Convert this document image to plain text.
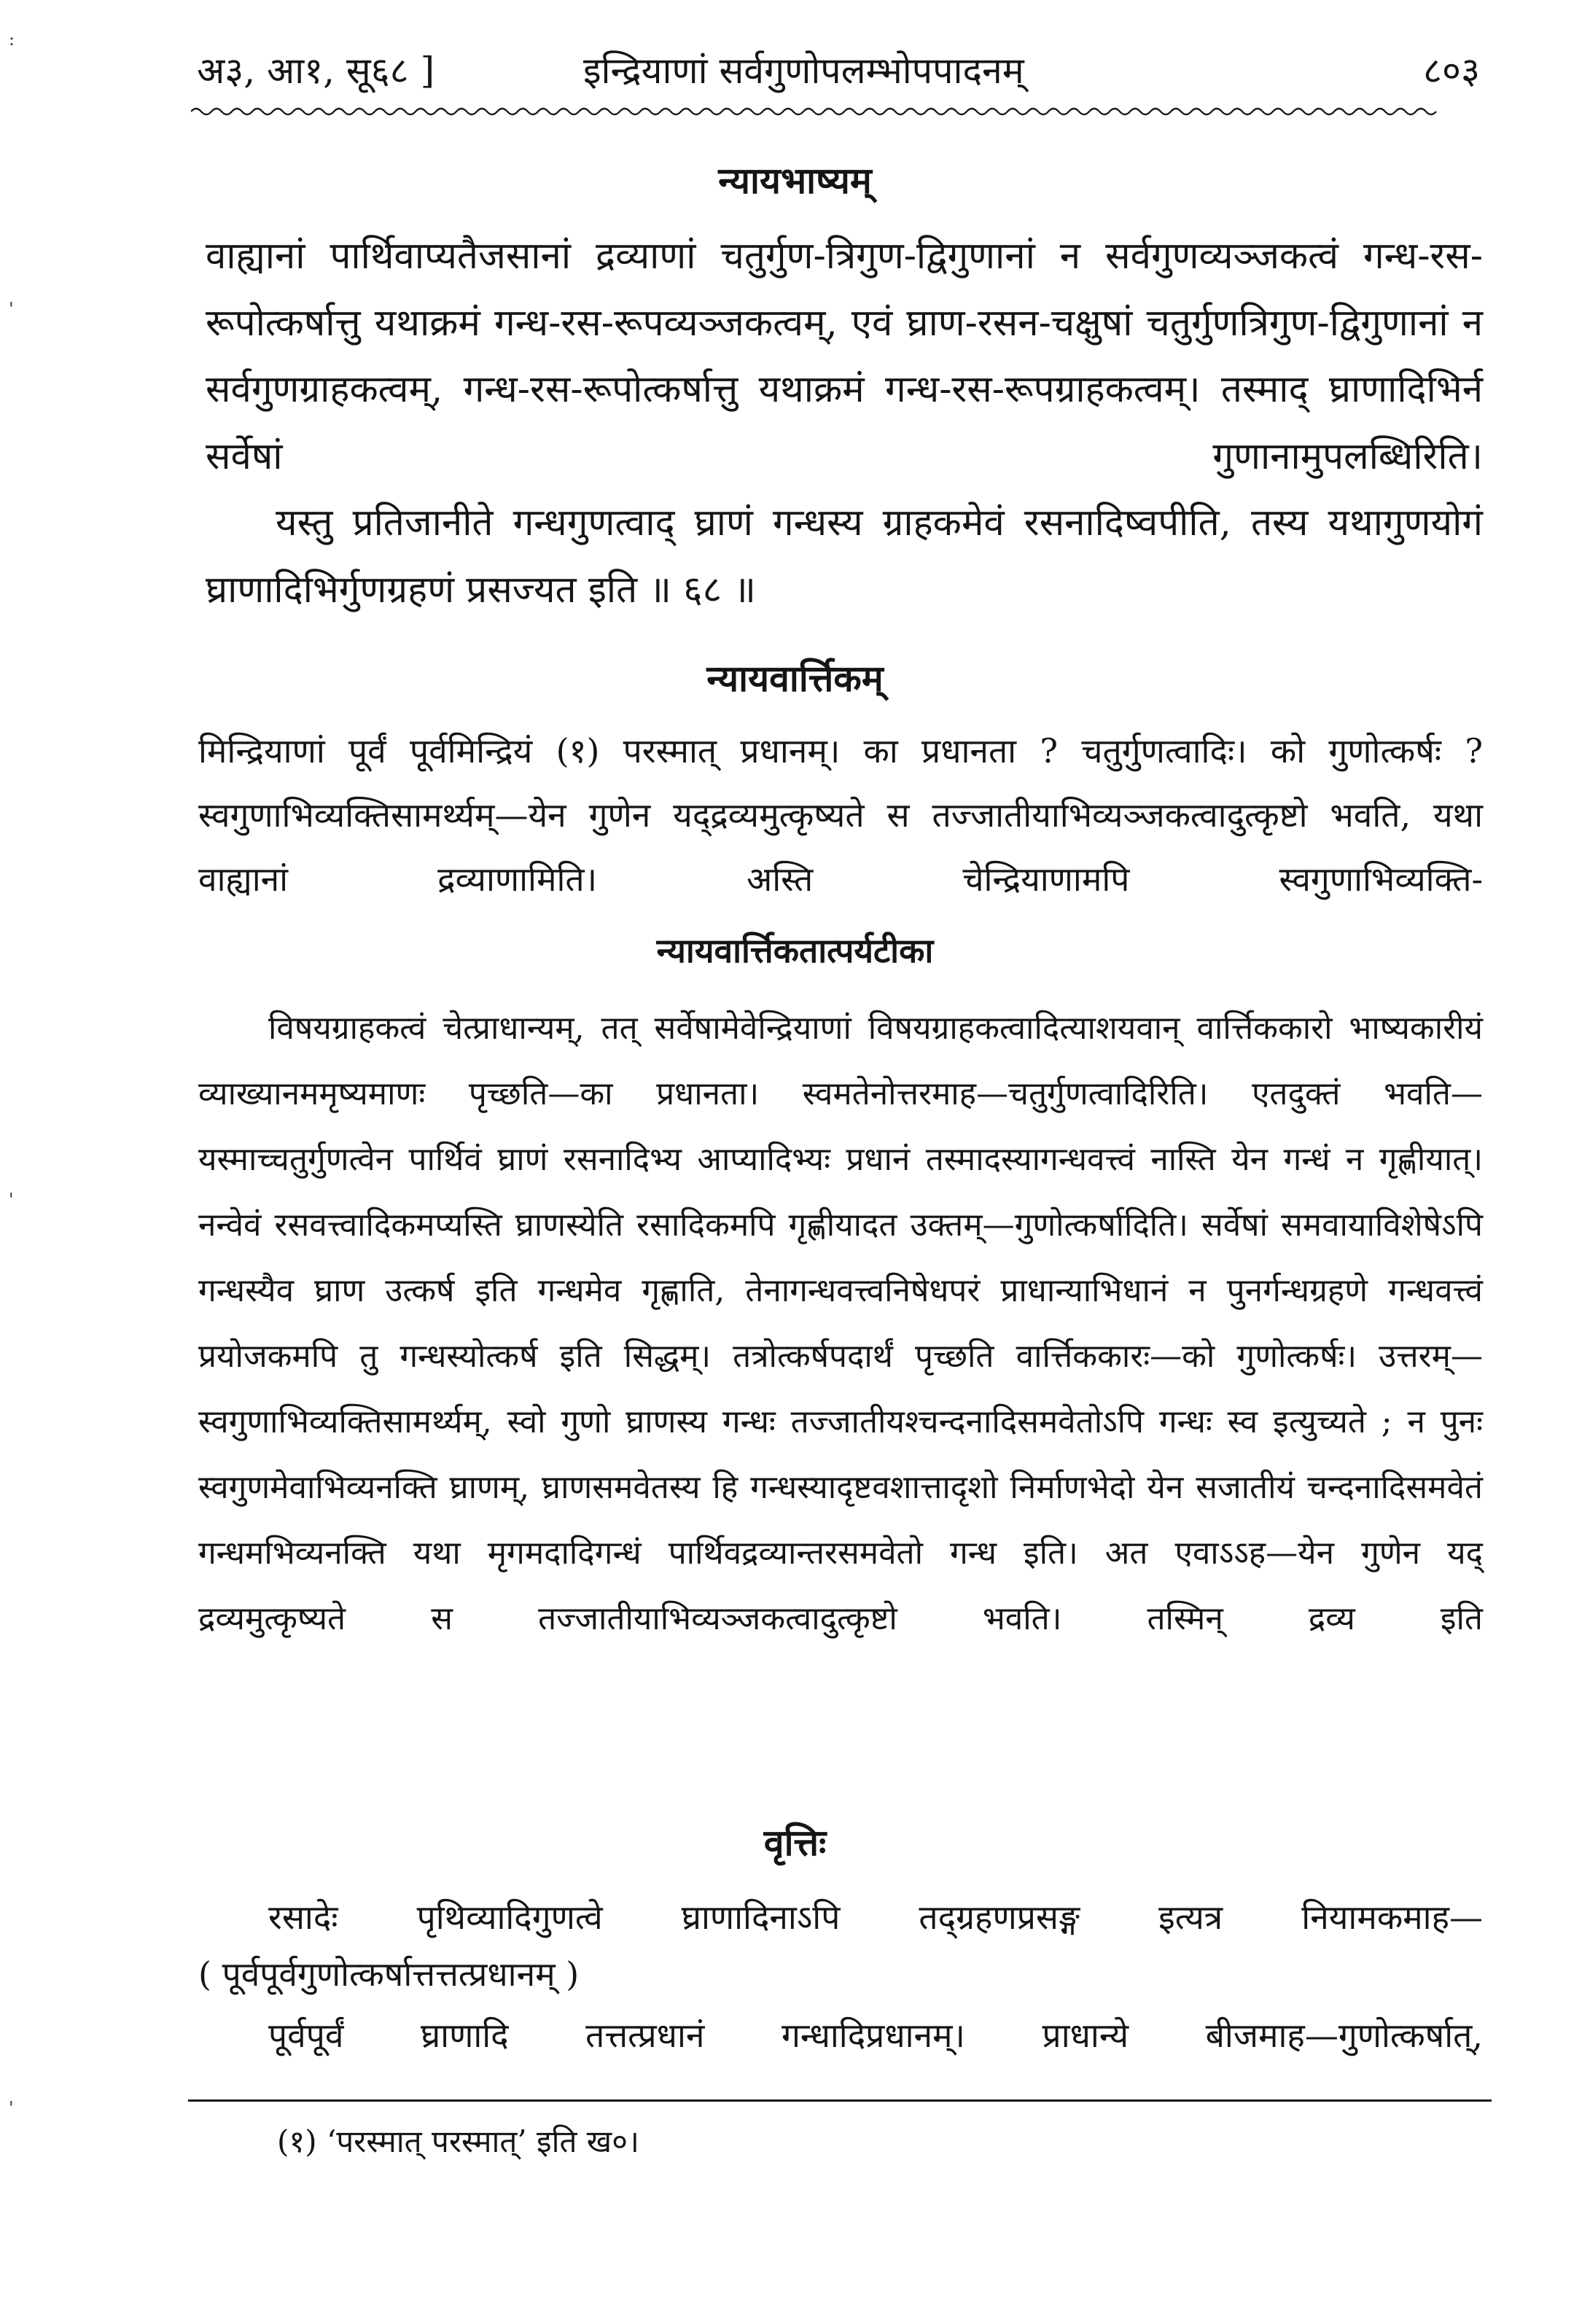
:
'
'
'
अ३, आ१, सू६८ ]	इन्द्रियाणां सर्वगुणोपलम्भोपपादनम्	८०३
न्यायभाष्यम्
वाह्यानां पार्थिवाप्यतैजसानां द्रव्याणां चतुर्गुण-त्रिगुण-द्विगुणानां न सर्वगुणव्यञ्जकत्वं गन्ध-रस-रूपोत्कर्षात्तु यथाक्रमं गन्ध-रस-रूपव्यञ्जकत्वम्, एवं घ्राण-रसन-चक्षुषां चतुर्गुणत्रिगुण-द्विगुणानां न सर्वगुणग्राहकत्वम्, गन्ध-रस-रूपोत्कर्षात्तु यथाक्रमं गन्ध-रस-रूपग्राहकत्वम्। तस्माद् घ्राणादिभिर्न सर्वेषां गुणानामुपलब्धिरिति।
यस्तु प्रतिजानीते गन्धगुणत्वाद् घ्राणं गन्धस्य ग्राहकमेवं रसनादिष्वपीति, तस्य यथागुणयोगं घ्राणादिभिर्गुणग्रहणं प्रसज्यत इति ॥ ६८ ॥
न्यायवार्त्तिकम्
मिन्द्रियाणां पूर्वं पूर्वमिन्द्रियं (१) परस्मात् प्रधानम्। का प्रधानता ? चतुर्गुणत्वादिः। को गुणोत्कर्षः ? स्वगुणाभिव्यक्तिसामर्थ्यम्—येन गुणेन यद्द्रव्यमुत्कृष्यते स तज्जातीयाभिव्यञ्जकत्वादुत्कृष्टो भवति, यथा वाह्यानां द्रव्याणामिति। अस्ति चेन्द्रियाणामपि स्वगुणाभिव्यक्ति-
न्यायवार्त्तिकतात्पर्यटीका
विषयग्राहकत्वं चेत्प्राधान्यम्, तत् सर्वेषामेवेन्द्रियाणां विषयग्राहकत्वादित्याशयवान् वार्त्तिककारो भाष्यकारीयं व्याख्यानममृष्यमाणः पृच्छति—का प्रधानता। स्वमतेनोत्तरमाह—चतुर्गुणत्वादिरिति। एतदुक्तं भवति—यस्माच्चतुर्गुणत्वेन पार्थिवं घ्राणं रसनादिभ्य आप्यादिभ्यः प्रधानं तस्मादस्यागन्धवत्त्वं नास्ति येन गन्धं न गृह्णीयात्। नन्वेवं रसवत्त्वादिकमप्यस्ति घ्राणस्येति रसादिकमपि गृह्णीयादत उक्तम्—गुणोत्कर्षादिति। सर्वेषां समवायाविशेषेऽपि गन्धस्यैव घ्राण उत्कर्ष इति गन्धमेव गृह्णाति, तेनागन्धवत्त्वनिषेधपरं प्राधान्याभिधानं न पुनर्गन्धग्रहणे गन्धवत्त्वं प्रयोजकमपि तु गन्धस्योत्कर्ष इति सिद्धम्। तत्रोत्कर्षपदार्थं पृच्छति वार्त्तिककारः—को गुणोत्कर्षः। उत्तरम्—स्वगुणाभिव्यक्तिसामर्थ्यम्, स्वो गुणो घ्राणस्य गन्धः तज्जातीयश्चन्दनादिसमवेतोऽपि गन्धः स्व इत्युच्यते ; न पुनः स्वगुणमेवाभिव्यनक्ति घ्राणम्, घ्राणसमवेतस्य हि गन्धस्यादृष्टवशात्तादृशो निर्माणभेदो येन सजातीयं चन्दनादिसमवेतं गन्धमभिव्यनक्ति यथा मृगमदादिगन्धं पार्थिवद्रव्यान्तरसमवेतो गन्ध इति। अत एवाऽऽह—येन गुणेन यद् द्रव्यमुत्कृष्यते स तज्जातीयाभिव्यञ्जकत्वादुत्कृष्टो भवति। तस्मिन् द्रव्य इति
वृत्तिः
रसादेः पृथिव्यादिगुणत्वे घ्राणादिनाऽपि तद्ग्रहणप्रसङ्ग इत्यत्र नियामकमाह—
( पूर्वपूर्वगुणोत्कर्षात्तत्तत्प्रधानम् )
पूर्वपूर्वं घ्राणादि तत्तत्प्रधानं गन्धादिप्रधानम्। प्राधान्ये बीजमाह—गुणोत्कर्षात्,
(१) ‘परस्मात् परस्मात्’ इति ख०।
